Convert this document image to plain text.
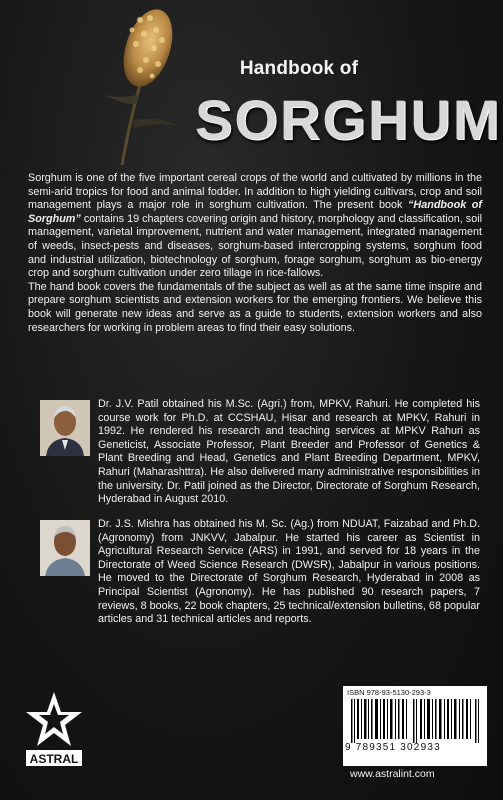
Handbook of
SORGHUM

Sorghum is one of the five important cereal crops of the world and cultivated by millions in the semi-arid tropics for food and animal fodder. In addition to high yielding cultivars, crop and soil management plays a major role in sorghum cultivation. The present book “Handbook of Sorghum” contains 19 chapters covering origin and history, morphology and classification, soil management, varietal improvement, nutrient and water management, integrated management of weeds, insect-pests and diseases, sorghum-based intercropping systems, sorghum food and industrial utilization, biotechnology of sorghum, forage sorghum, sorghum as bio-energy crop and sorghum cultivation under zero tillage in rice-fallows.

The hand book covers the fundamentals of the subject as well as at the same time inspire and prepare sorghum scientists and extension workers for the emerging frontiers. We believe this book will generate new ideas and serve as a guide to students, extension workers and also researchers for working in problem areas to find their easy solutions.

Dr. J.V. Patil obtained his M.Sc. (Agri.) from, MPKV, Rahuri. He completed his course work for Ph.D. at CCSHAU, Hisar and research at MPKV, Rahuri in 1992. He rendered his research and teaching services at MPKV Rahuri as Geneticist, Associate Professor, Plant Breeder and Professor of Genetics & Plant Breeding and Head, Genetics and Plant Breeding Department, MPKV, Rahuri (Maharashttra). He also delivered many administrative responsibilities in the university. Dr. Patil joined as the Director, Directorate of Sorghum Research, Hyderabad in August 2010.
Dr. J.S. Mishra has obtained his M. Sc. (Ag.) from NDUAT, Faizabad and Ph.D. (Agronomy) from JNKVV, Jabalpur. He started his career as Scientist in Agricultural Research Service (ARS) in 1991, and served for 18 years in the Directorate of Weed Science Research (DWSR), Jabalpur in various positions. He moved to the Directorate of Sorghum Research, Hyderabad in 2008 as Principal Scientist (Agronomy). He has published 90 research papers, 7 reviews, 8 books, 22 book chapters, 25 technical/extension bulletins, 68 popular articles and 31 technical articles and reports.
ASTRAL
ISBN 978-93-5130-293-3
9 789351 302933
www.astralint.com
